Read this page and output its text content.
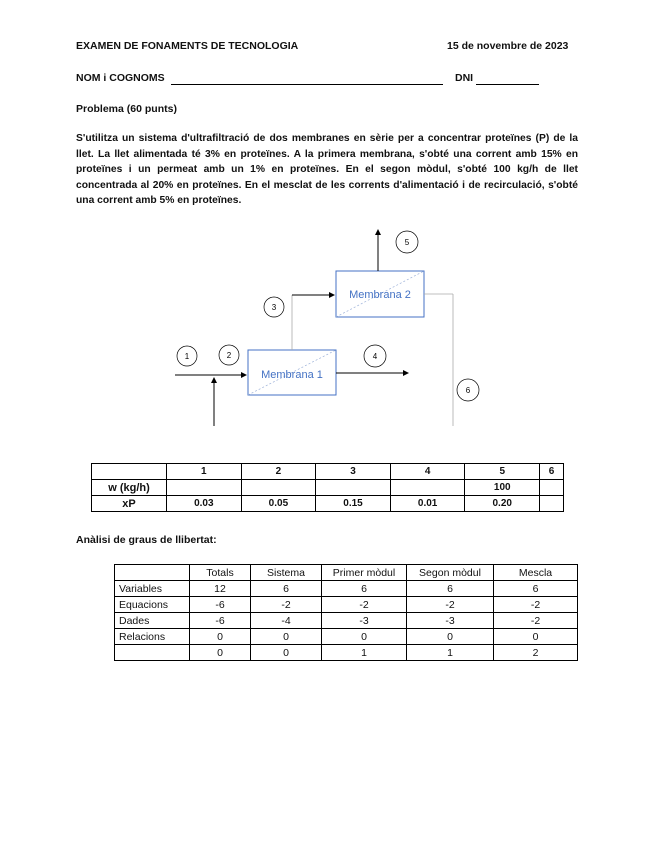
EXAMEN DE FONAMENTS DE TECNOLOGIA	15 de novembre de 2023
NOM i COGNOMS	DNI
Problema (60 punts)
S'utilitza un sistema d'ultrafiltració de dos membranes en sèrie per a concentrar proteïnes (P) de la llet. La llet alimentada té 3% en proteïnes. A la primera membrana, s'obté una corrent amb 15% en proteïnes i un permeat amb un 1% en proteïnes. En el segon mòdul, s'obté 100 kg/h de llet concentrada al 20% en proteïnes. En el mesclat de les corrents d'alimentació i de recirculació, s'obté una corrent amb 5% en proteïnes.
Membrana 1
Membrana 2
1	2
3
4
5
6
	1	2	3	4	5	6
w (kg/h)					100	
xP	0.03	0.05	0.15	0.01	0.20	
Anàlisi de graus de llibertat:
	Totals	Sistema	Primer mòdul	Segon mòdul	Mescla
Variables	12	6	6	6	6
Equacions	-6	-2	-2	-2	-2
Dades	-6	-4	-3	-3	-2
Relacions	0	0	0	0	0
	0	0	1	1	2
